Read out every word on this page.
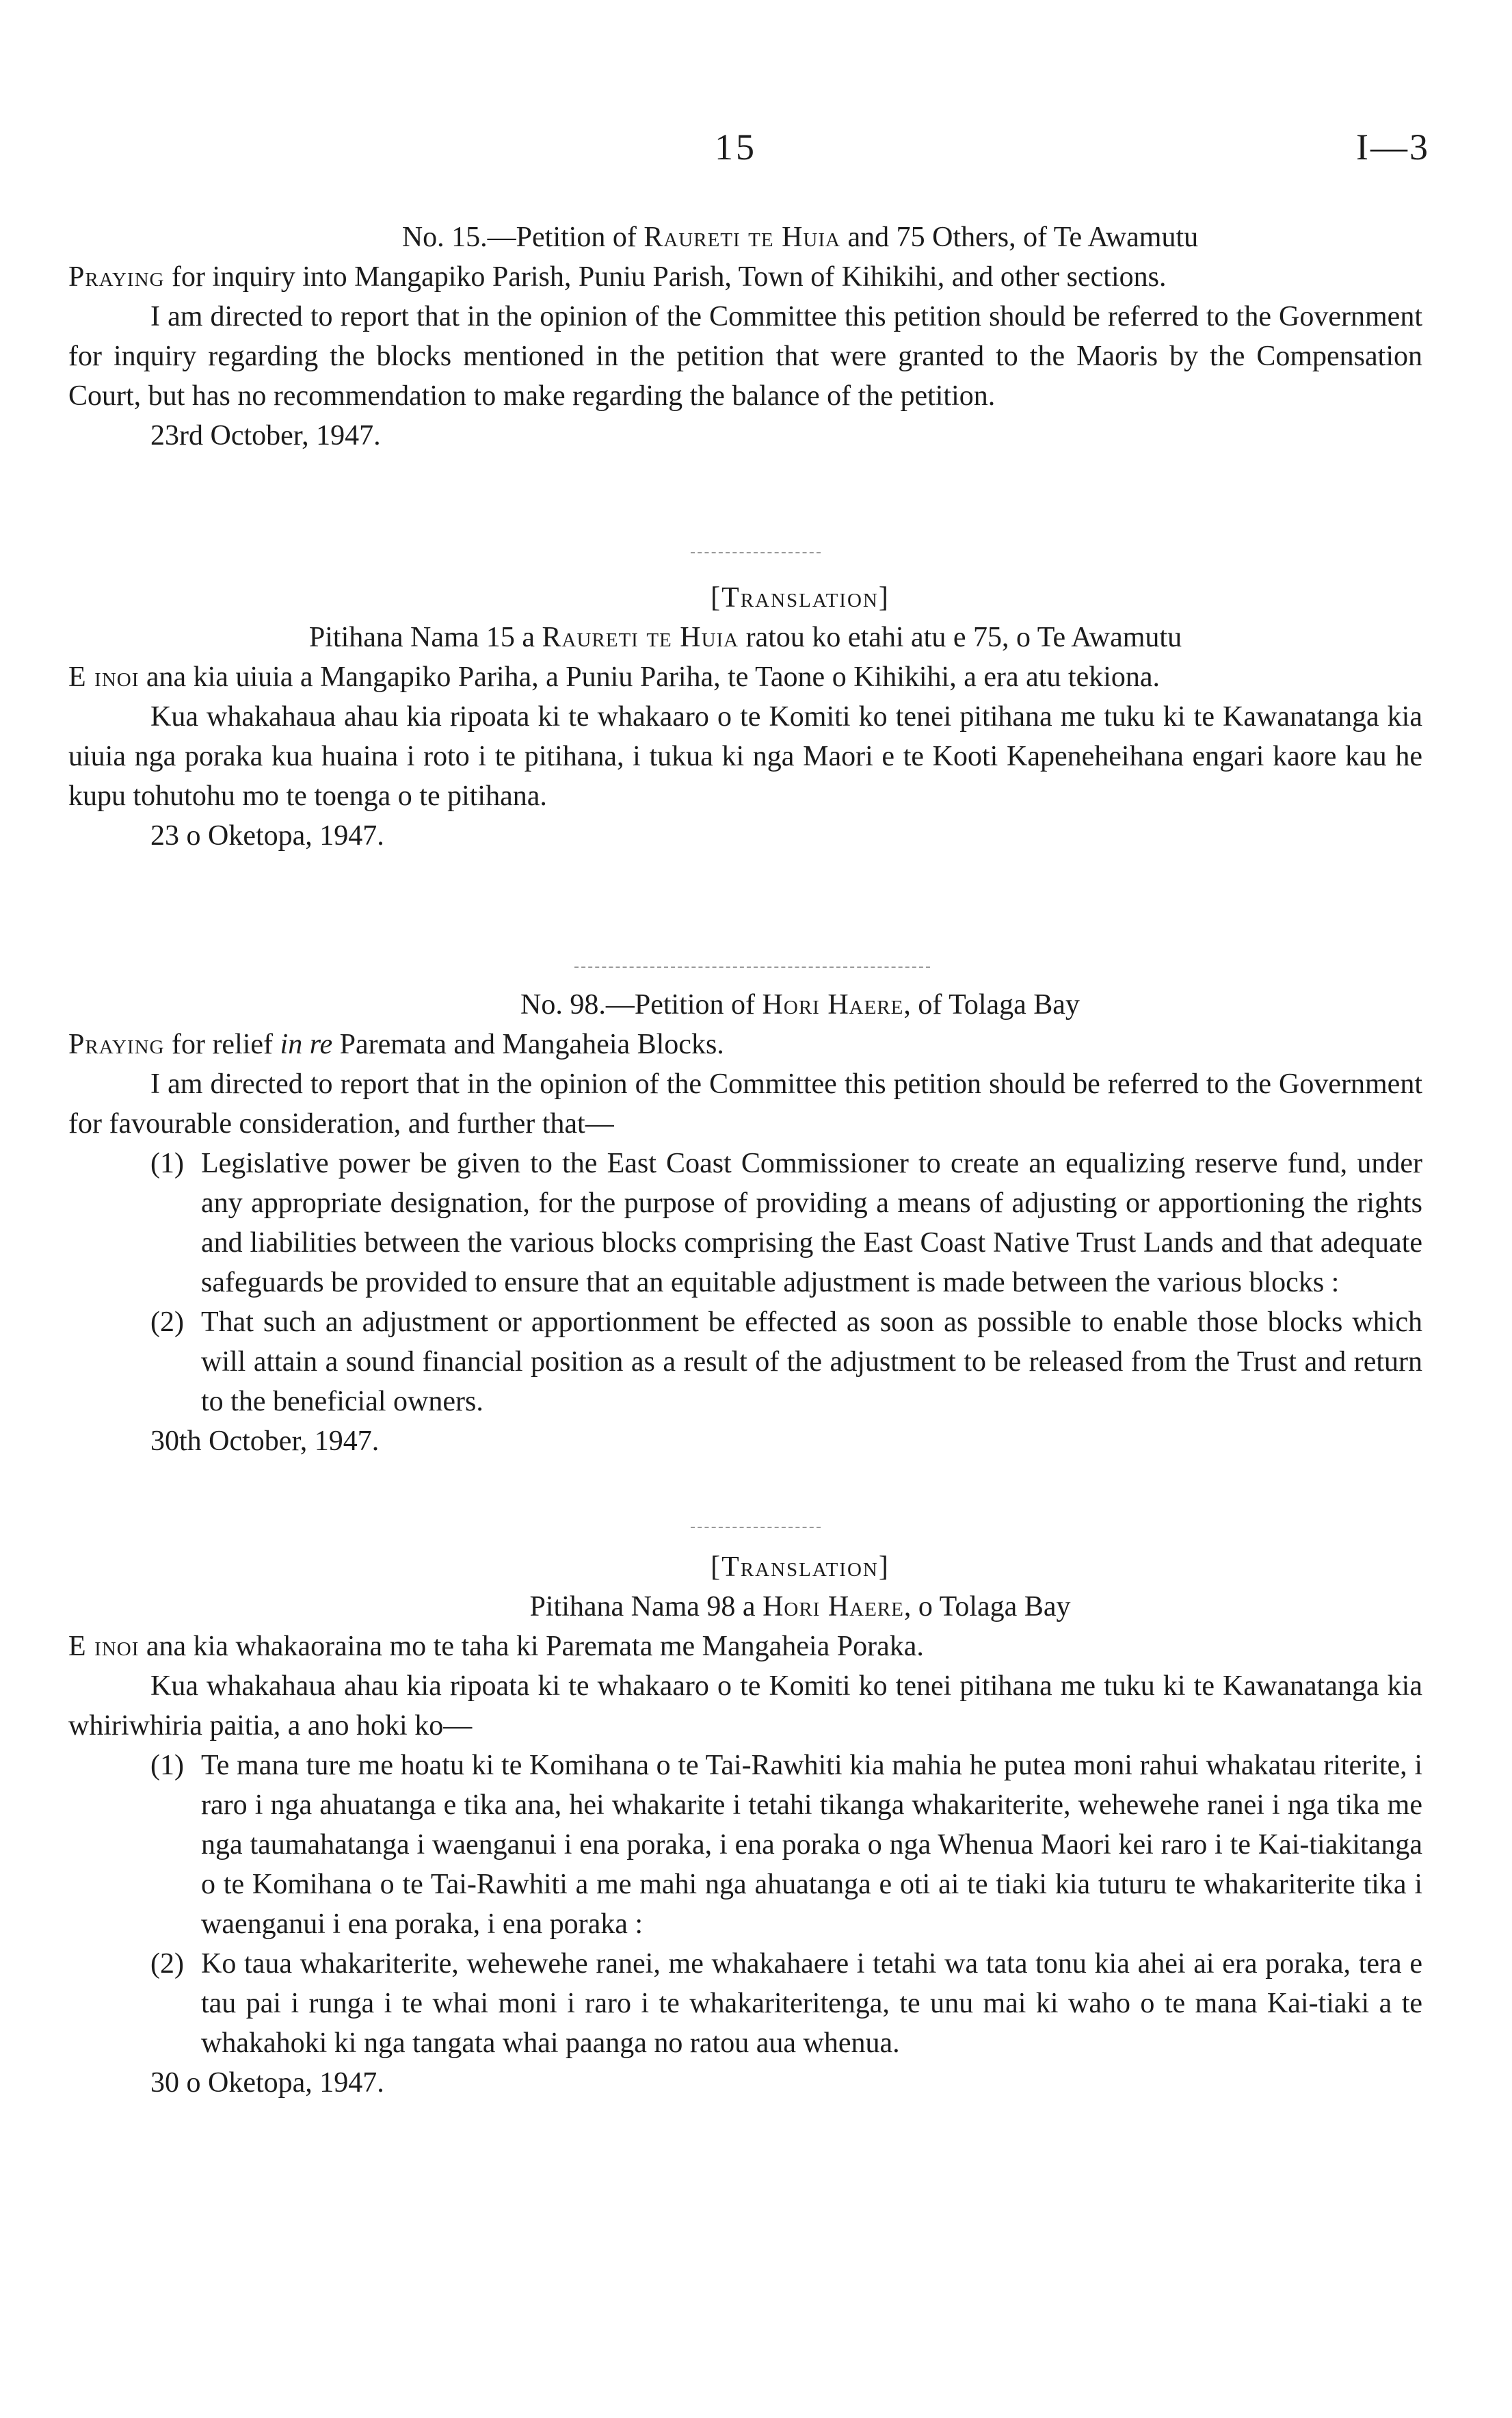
15	I—3

No. 15.—Petition of Raureti te Huia and 75 Others, of Te Awamutu

Praying for inquiry into Mangapiko Parish, Puniu Parish, Town of Kihikihi, and other sections.

I am directed to report that in the opinion of the Committee this petition should be referred to the Government for inquiry regarding the blocks mentioned in the petition that were granted to the Maoris by the Compensation Court, but has no recommendation to make regarding the balance of the petition.

23rd October, 1947.

[Translation]

Pitihana Nama 15 a Raureti te Huia ratou ko etahi atu e 75, o Te Awamutu

E inoi ana kia uiuia a Mangapiko Pariha, a Puniu Pariha, te Taone o Kihikihi, a era atu tekiona.

Kua whakahaua ahau kia ripoata ki te whakaaro o te Komiti ko tenei pitihana me tuku ki te Kawanatanga kia uiuia nga poraka kua huaina i roto i te pitihana, i tukua ki nga Maori e te Kooti Kapeneheihana engari kaore kau he kupu tohutohu mo te toenga o te pitihana.

23 o Oketopa, 1947.

No. 98.—Petition of Hori Haere, of Tolaga Bay

Praying for relief in re Paremata and Mangaheia Blocks.

I am directed to report that in the opinion of the Committee this petition should be referred to the Government for favourable consideration, and further that—

(1) Legislative power be given to the East Coast Commissioner to create an equalizing reserve fund, under any appropriate designation, for the purpose of providing a means of adjusting or apportioning the rights and liabilities between the various blocks comprising the East Coast Native Trust Lands and that adequate safeguards be provided to ensure that an equitable adjustment is made between the various blocks :
(2) That such an adjustment or apportionment be effected as soon as possible to enable those blocks which will attain a sound financial position as a result of the adjustment to be released from the Trust and return to the beneficial owners.

30th October, 1947.

[Translation]

Pitihana Nama 98 a Hori Haere, o Tolaga Bay

E inoi ana kia whakaoraina mo te taha ki Paremata me Mangaheia Poraka.

Kua whakahaua ahau kia ripoata ki te whakaaro o te Komiti ko tenei pitihana me tuku ki te Kawanatanga kia whiriwhiria paitia, a ano hoki ko—

(1) Te mana ture me hoatu ki te Komihana o te Tai-Rawhiti kia mahia he putea moni rahui whakatau riterite, i raro i nga ahuatanga e tika ana, hei whakarite i tetahi tikanga whakariterite, wehewehe ranei i nga tika me nga taumahatanga i waenganui i ena poraka, i ena poraka o nga Whenua Maori kei raro i te Kai-tiakitanga o te Komihana o te Tai-Rawhiti a me mahi nga ahuatanga e oti ai te tiaki kia tuturu te whakariterite tika i waenganui i ena poraka, i ena poraka :
(2) Ko taua whakariterite, wehewehe ranei, me whakahaere i tetahi wa tata tonu kia ahei ai era poraka, tera e tau pai i runga i te whai moni i raro i te whakariteritenga, te unu mai ki waho o te mana Kai-tiaki a te whakahoki ki nga tangata whai paanga no ratou aua whenua.

30 o Oketopa, 1947.
